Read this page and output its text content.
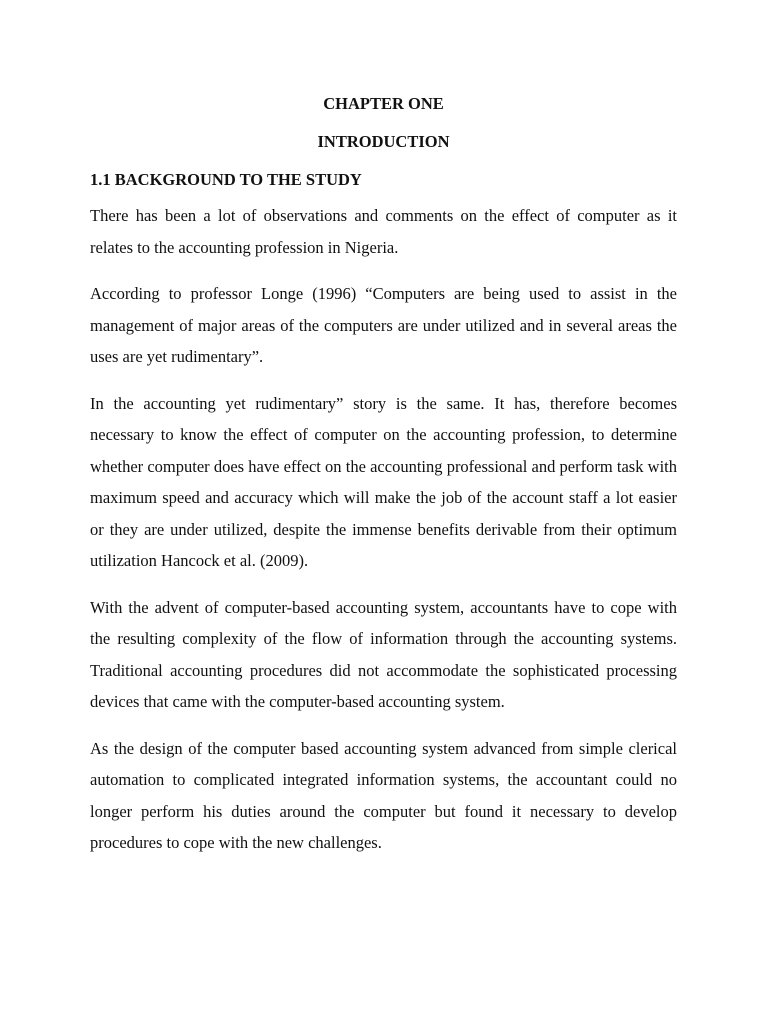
CHAPTER ONE
INTRODUCTION
1.1 BACKGROUND TO THE STUDY

There has been a lot of observations and comments on the effect of computer as it relates to the accounting profession in Nigeria.

According to professor Longe (1996) “Computers are being used to assist in the management of major areas of the computers are under utilized and in several areas the uses are yet rudimentary”.

In the accounting yet rudimentary” story is the same. It has, therefore becomes necessary to know the effect of computer on the accounting profession, to determine whether computer does have effect on the accounting professional and perform task with maximum speed and accuracy which will make the job of the account staff a lot easier or they are under utilized, despite the immense benefits derivable from their optimum utilization Hancock et al. (2009).

With the advent of computer-based accounting system, accountants have to cope with the resulting complexity of the flow of information through the accounting systems. Traditional accounting procedures did not accommodate the sophisticated processing devices that came with the computer-based accounting system.

As the design of the computer based accounting system advanced from simple clerical automation to complicated integrated information systems, the accountant could no longer perform his duties around the computer but found it necessary to develop procedures to cope with the new challenges.
